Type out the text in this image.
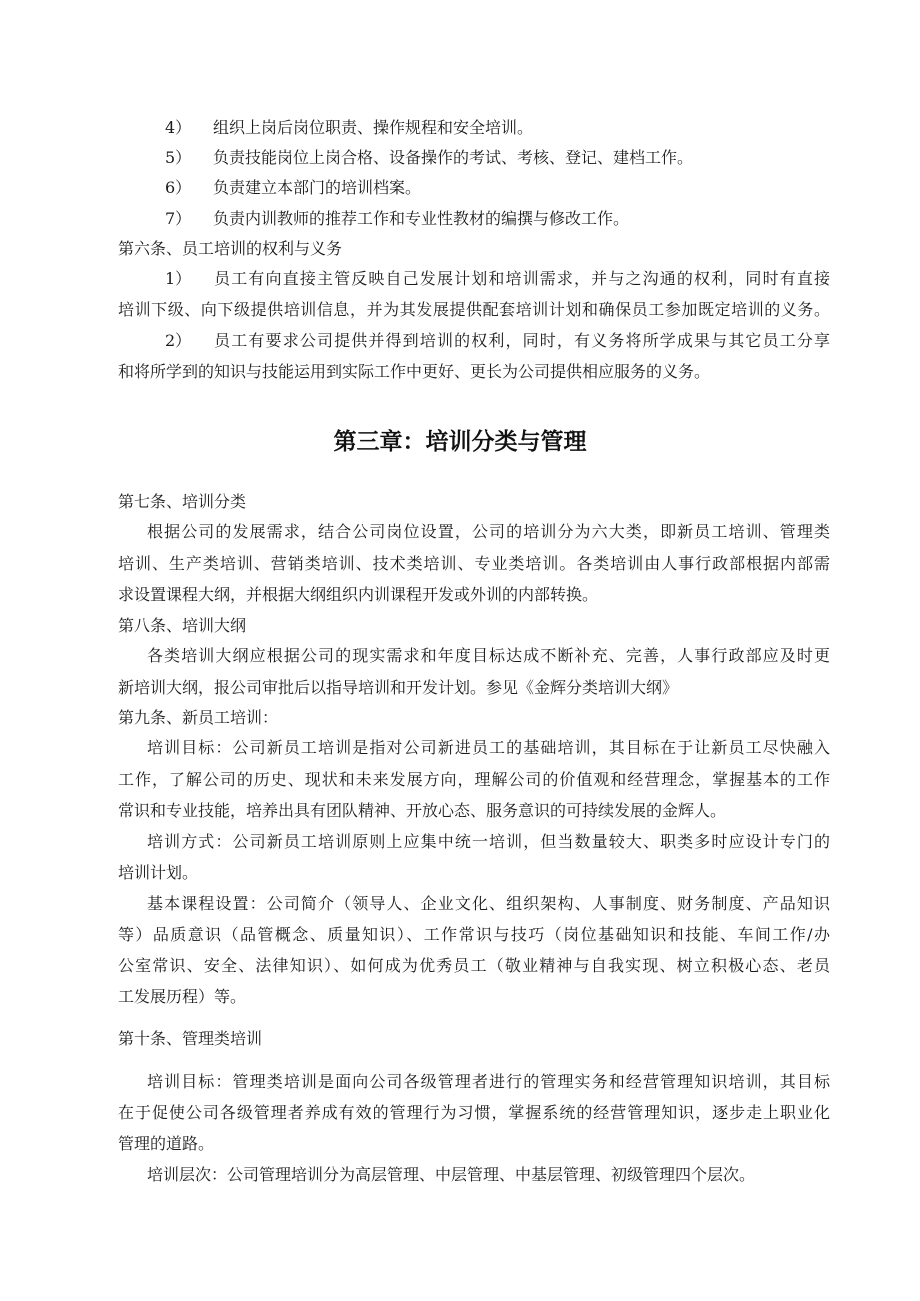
4） 组织上岗后岗位职责、操作规程和安全培训。
5） 负责技能岗位上岗合格、设备操作的考试、考核、登记、建档工作。
6） 负责建立本部门的培训档案。
7） 负责内训教师的推荐工作和专业性教材的编撰与修改工作。
第六条、员工培训的权利与义务
1） 员工有向直接主管反映自己发展计划和培训需求，并与之沟通的权利，同时有直接
培训下级、向下级提供培训信息，并为其发展提供配套培训计划和确保员工参加既定培训的义务。
2） 员工有要求公司提供并得到培训的权利，同时，有义务将所学成果与其它员工分享
和将所学到的知识与技能运用到实际工作中更好、更长为公司提供相应服务的义务。
第三章：培训分类与管理
第七条、培训分类
根据公司的发展需求，结合公司岗位设置，公司的培训分为六大类，即新员工培训、管理类
培训、生产类培训、营销类培训、技术类培训、专业类培训。各类培训由人事行政部根据内部需
求设置课程大纲，并根据大纲组织内训课程开发或外训的内部转换。
第八条、培训大纲
各类培训大纲应根据公司的现实需求和年度目标达成不断补充、完善，人事行政部应及时更
新培训大纲，报公司审批后以指导培训和开发计划。参见《金辉分类培训大纲》
第九条、新员工培训：
培训目标：公司新员工培训是指对公司新进员工的基础培训，其目标在于让新员工尽快融入
工作，了解公司的历史、现状和未来发展方向，理解公司的价值观和经营理念，掌握基本的工作
常识和专业技能，培养出具有团队精神、开放心态、服务意识的可持续发展的金辉人。
培训方式：公司新员工培训原则上应集中统一培训，但当数量较大、职类多时应设计专门的
培训计划。
基本课程设置：公司简介（领导人、企业文化、组织架构、人事制度、财务制度、产品知识
等）品质意识（品管概念、质量知识）、工作常识与技巧（岗位基础知识和技能、车间工作/办
公室常识、安全、法律知识）、如何成为优秀员工（敬业精神与自我实现、树立积极心态、老员
工发展历程）等。
第十条、管理类培训
培训目标：管理类培训是面向公司各级管理者进行的管理实务和经营管理知识培训，其目标
在于促使公司各级管理者养成有效的管理行为习惯，掌握系统的经营管理知识，逐步走上职业化
管理的道路。
培训层次：公司管理培训分为高层管理、中层管理、中基层管理、初级管理四个层次。
